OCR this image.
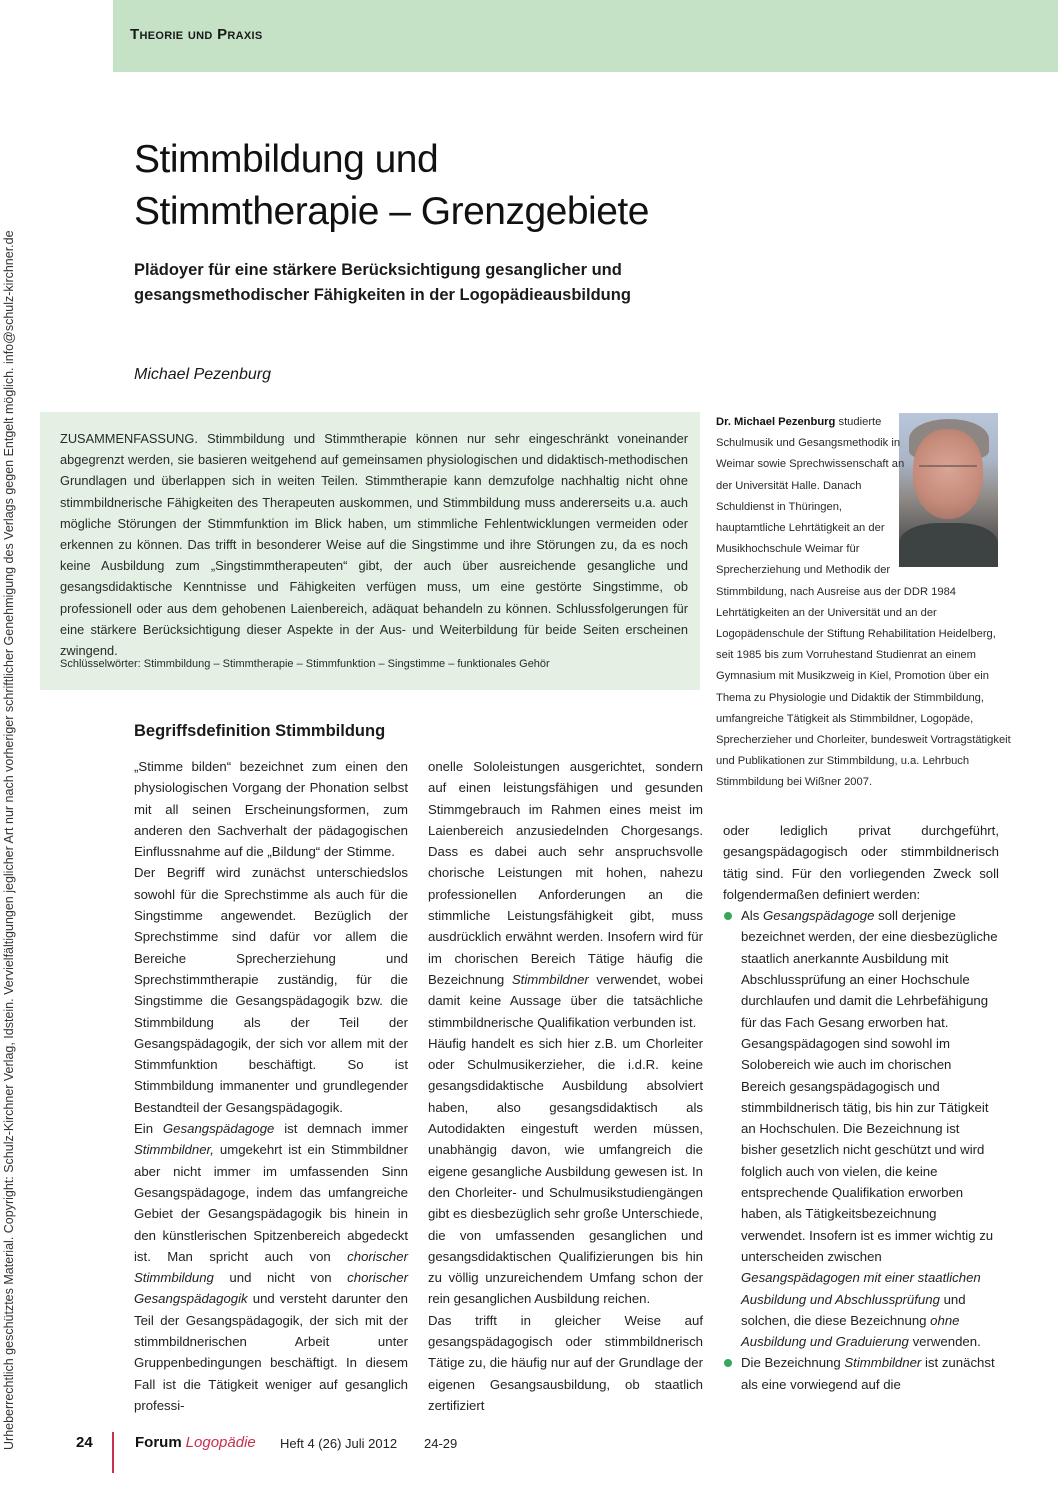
Theorie und Praxis
Urheberrechtlich geschütztes Material. Copyright: Schulz-Kirchner Verlag, Idstein. Vervielfältigungen jeglicher Art nur nach vorheriger schriftlicher Genehmigung des Verlags gegen Entgelt möglich. info@schulz-kirchner.de
Stimmbildung und
Stimmtherapie – Grenzgebiete
Plädoyer für eine stärkere Berücksichtigung gesanglicher und gesangsmethodischer Fähigkeiten in der Logopädieausbildung
Michael Pezenburg

ZUSAMMENFASSUNG. Stimmbildung und Stimmtherapie können nur sehr eingeschränkt voneinander abgegrenzt werden, sie basieren weitgehend auf gemeinsamen physiologischen und didaktisch-methodischen Grundlagen und überlappen sich in weiten Teilen. Stimmtherapie kann demzufolge nachhaltig nicht ohne stimmbildnerische Fähigkeiten des Therapeuten auskommen, und Stimmbildung muss andererseits u.a. auch mögliche Störungen der Stimmfunktion im Blick haben, um stimmliche Fehlentwicklungen vermeiden oder erkennen zu können. Das trifft in besonderer Weise auf die Singstimme und ihre Störungen zu, da es noch keine Ausbildung zum „Singstimmtherapeuten“ gibt, der auch über ausreichende gesangliche und gesangsdidaktische Kenntnisse und Fähigkeiten verfügen muss, um eine gestörte Singstimme, ob professionell oder aus dem gehobenen Laienbereich, adäquat behandeln zu können. Schlussfolgerungen für eine stärkere Berücksichtigung dieser Aspekte in der Aus- und Weiterbildung für beide Seiten erscheinen zwingend.

Schlüsselwörter: Stimmbildung – Stimmtherapie – Stimmfunktion – Singstimme – funktionales Gehör
Dr. Michael Pezenburg studierte Schulmusik und Gesangsmethodik in Weimar sowie Sprechwissenschaft an der Universität Halle. Danach Schuldienst in Thüringen, hauptamtliche Lehrtätigkeit an der Musikhochschule Weimar für Sprecherziehung und Methodik der Stimmbildung, nach Ausreise aus der DDR 1984 Lehrtätigkeiten an der Universität und an der Logopädenschule der Stiftung Rehabilitation Heidelberg, seit 1985 bis zum Vorruhestand Studienrat an einem Gymnasium mit Musikzweig in Kiel, Promotion über ein Thema zu Physiologie und Didaktik der Stimmbildung, umfangreiche Tätigkeit als Stimmbildner, Logopäde, Sprecherzieher und Chorleiter, bundesweit Vortragstätigkeit und Publikationen zur Stimmbildung, u.a. Lehrbuch Stimmbildung bei Wißner 2007.
Begriffsdefinition Stimmbildung

„Stimme bilden“ bezeichnet zum einen den physiologischen Vorgang der Phonation selbst mit all seinen Erscheinungsformen, zum anderen den Sachverhalt der pädagogischen Einflussnahme auf die „Bildung“ der Stimme.

Der Begriff wird zunächst unterschiedslos sowohl für die Sprechstimme als auch für die Singstimme angewendet. Bezüglich der Sprechstimme sind dafür vor allem die Bereiche Sprecherziehung und Sprechstimmtherapie zuständig, für die Singstimme die Gesangspädagogik bzw. die Stimmbildung als der Teil der Gesangspädagogik, der sich vor allem mit der Stimmfunktion beschäftigt. So ist Stimmbildung immanenter und grundlegender Bestandteil der Gesangspädagogik.

Ein Gesangspädagoge ist demnach immer Stimmbildner, umgekehrt ist ein Stimmbildner aber nicht immer im umfassenden Sinn Gesangspädagoge, indem das umfangreiche Gebiet der Gesangspädagogik bis hinein in den künstlerischen Spitzenbereich abgedeckt ist. Man spricht auch von chorischer Stimmbildung und nicht von chorischer Gesangspädagogik und versteht darunter den Teil der Gesangspädagogik, der sich mit der stimmbildnerischen Arbeit unter Gruppenbedingungen beschäftigt. In diesem Fall ist die Tätigkeit weniger auf gesanglich professi-

onelle Sololeistungen ausgerichtet, sondern auf einen leistungsfähigen und gesunden Stimmgebrauch im Rahmen eines meist im Laienbereich anzusiedelnden Chorgesangs. Dass es dabei auch sehr anspruchsvolle chorische Leistungen mit hohen, nahezu professionellen Anforderungen an die stimmliche Leistungsfähigkeit gibt, muss ausdrücklich erwähnt werden. Insofern wird für im chorischen Bereich Tätige häufig die Bezeichnung Stimmbildner verwendet, wobei damit keine Aussage über die tatsächliche stimmbildnerische Qualifikation verbunden ist.

Häufig handelt es sich hier z.B. um Chorleiter oder Schulmusikerzieher, die i.d.R. keine gesangsdidaktische Ausbildung absolviert haben, also gesangsdidaktisch als Autodidakten eingestuft werden müssen, unabhängig davon, wie umfangreich die eigene gesangliche Ausbildung gewesen ist. In den Chorleiter- und Schulmusikstudiengängen gibt es diesbezüglich sehr große Unterschiede, die von umfassenden gesanglichen und gesangsdidaktischen Qualifizierungen bis hin zu völlig unzureichendem Umfang schon der rein gesanglichen Ausbildung reichen.

Das trifft in gleicher Weise auf gesangspädagogisch oder stimmbildnerisch Tätige zu, die häufig nur auf der Grundlage der eigenen Gesangsausbildung, ob staatlich zertifiziert

oder lediglich privat durchgeführt, gesangspädagogisch oder stimmbildnerisch tätig sind. Für den vorliegenden Zweck soll folgendermaßen definiert werden:

Als Gesangspädagoge soll derjenige bezeichnet werden, der eine diesbezügliche staatlich anerkannte Ausbildung mit Abschlussprüfung an einer Hochschule durchlaufen und damit die Lehrbefähigung für das Fach Gesang erworben hat. Gesangspädagogen sind sowohl im Solobereich wie auch im chorischen Bereich gesangspädagogisch und stimmbildnerisch tätig, bis hin zur Tätigkeit an Hochschulen. Die Bezeichnung ist bisher gesetzlich nicht geschützt und wird folglich auch von vielen, die keine entsprechende Qualifikation erworben haben, als Tätigkeitsbezeichnung verwendet. Insofern ist es immer wichtig zu unterscheiden zwischen Gesangspädagogen mit einer staatlichen Ausbildung und Abschlussprüfung und solchen, die diese Bezeichnung ohne Ausbildung und Graduierung verwenden.
Die Bezeichnung Stimmbildner ist zunächst als eine vorwiegend auf die
24	Forum Logopädie Heft 4 (26) Juli 2012 24-29
